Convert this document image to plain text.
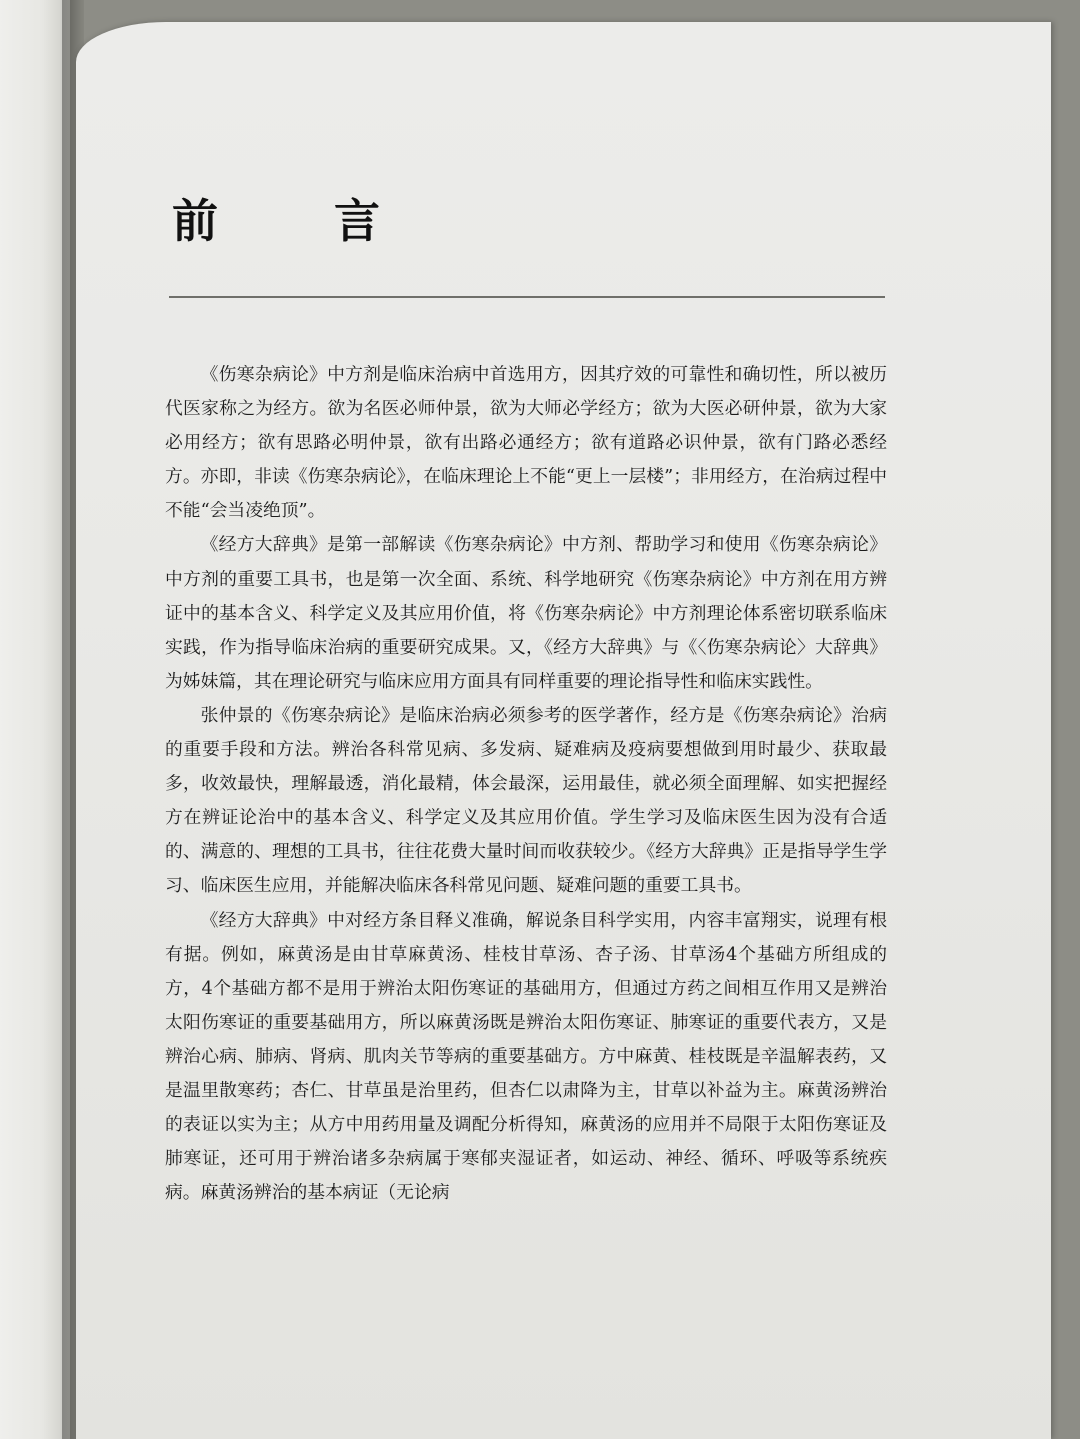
前 言

《伤寒杂病论》中方剂是临床治病中首选用方，因其疗效的可靠性和确切性，所以被历代医家称之为经方。欲为名医必师仲景，欲为大师必学经方；欲为大医必研仲景，欲为大家必用经方；欲有思路必明仲景，欲有出路必通经方；欲有道路必识仲景，欲有门路必悉经方。亦即，非读《伤寒杂病论》，在临床理论上不能“更上一层楼”；非用经方，在治病过程中不能“会当凌绝顶”。

《经方大辞典》是第一部解读《伤寒杂病论》中方剂、帮助学习和使用《伤寒杂病论》中方剂的重要工具书，也是第一次全面、系统、科学地研究《伤寒杂病论》中方剂在用方辨证中的基本含义、科学定义及其应用价值，将《伤寒杂病论》中方剂理论体系密切联系临床实践，作为指导临床治病的重要研究成果。又，《经方大辞典》与《〈伤寒杂病论〉大辞典》为姊妹篇，其在理论研究与临床应用方面具有同样重要的理论指导性和临床实践性。

张仲景的《伤寒杂病论》是临床治病必须参考的医学著作，经方是《伤寒杂病论》治病的重要手段和方法。辨治各科常见病、多发病、疑难病及疫病要想做到用时最少、获取最多，收效最快，理解最透，消化最精，体会最深，运用最佳，就必须全面理解、如实把握经方在辨证论治中的基本含义、科学定义及其应用价值。学生学习及临床医生因为没有合适的、满意的、理想的工具书，往往花费大量时间而收获较少。《经方大辞典》正是指导学生学习、临床医生应用，并能解决临床各科常见问题、疑难问题的重要工具书。

《经方大辞典》中对经方条目释义准确，解说条目科学实用，内容丰富翔实，说理有根有据。例如，麻黄汤是由甘草麻黄汤、桂枝甘草汤、杏子汤、甘草汤4个基础方所组成的方，4个基础方都不是用于辨治太阳伤寒证的基础用方，但通过方药之间相互作用又是辨治太阳伤寒证的重要基础用方，所以麻黄汤既是辨治太阳伤寒证、肺寒证的重要代表方，又是辨治心病、肺病、肾病、肌肉关节等病的重要基础方。方中麻黄、桂枝既是辛温解表药，又是温里散寒药；杏仁、甘草虽是治里药，但杏仁以肃降为主，甘草以补益为主。麻黄汤辨治的表证以实为主；从方中用药用量及调配分析得知，麻黄汤的应用并不局限于太阳伤寒证及肺寒证，还可用于辨治诸多杂病属于寒郁夹湿证者，如运动、神经、循环、呼吸等系统疾病。麻黄汤辨治的基本病证（无论病
